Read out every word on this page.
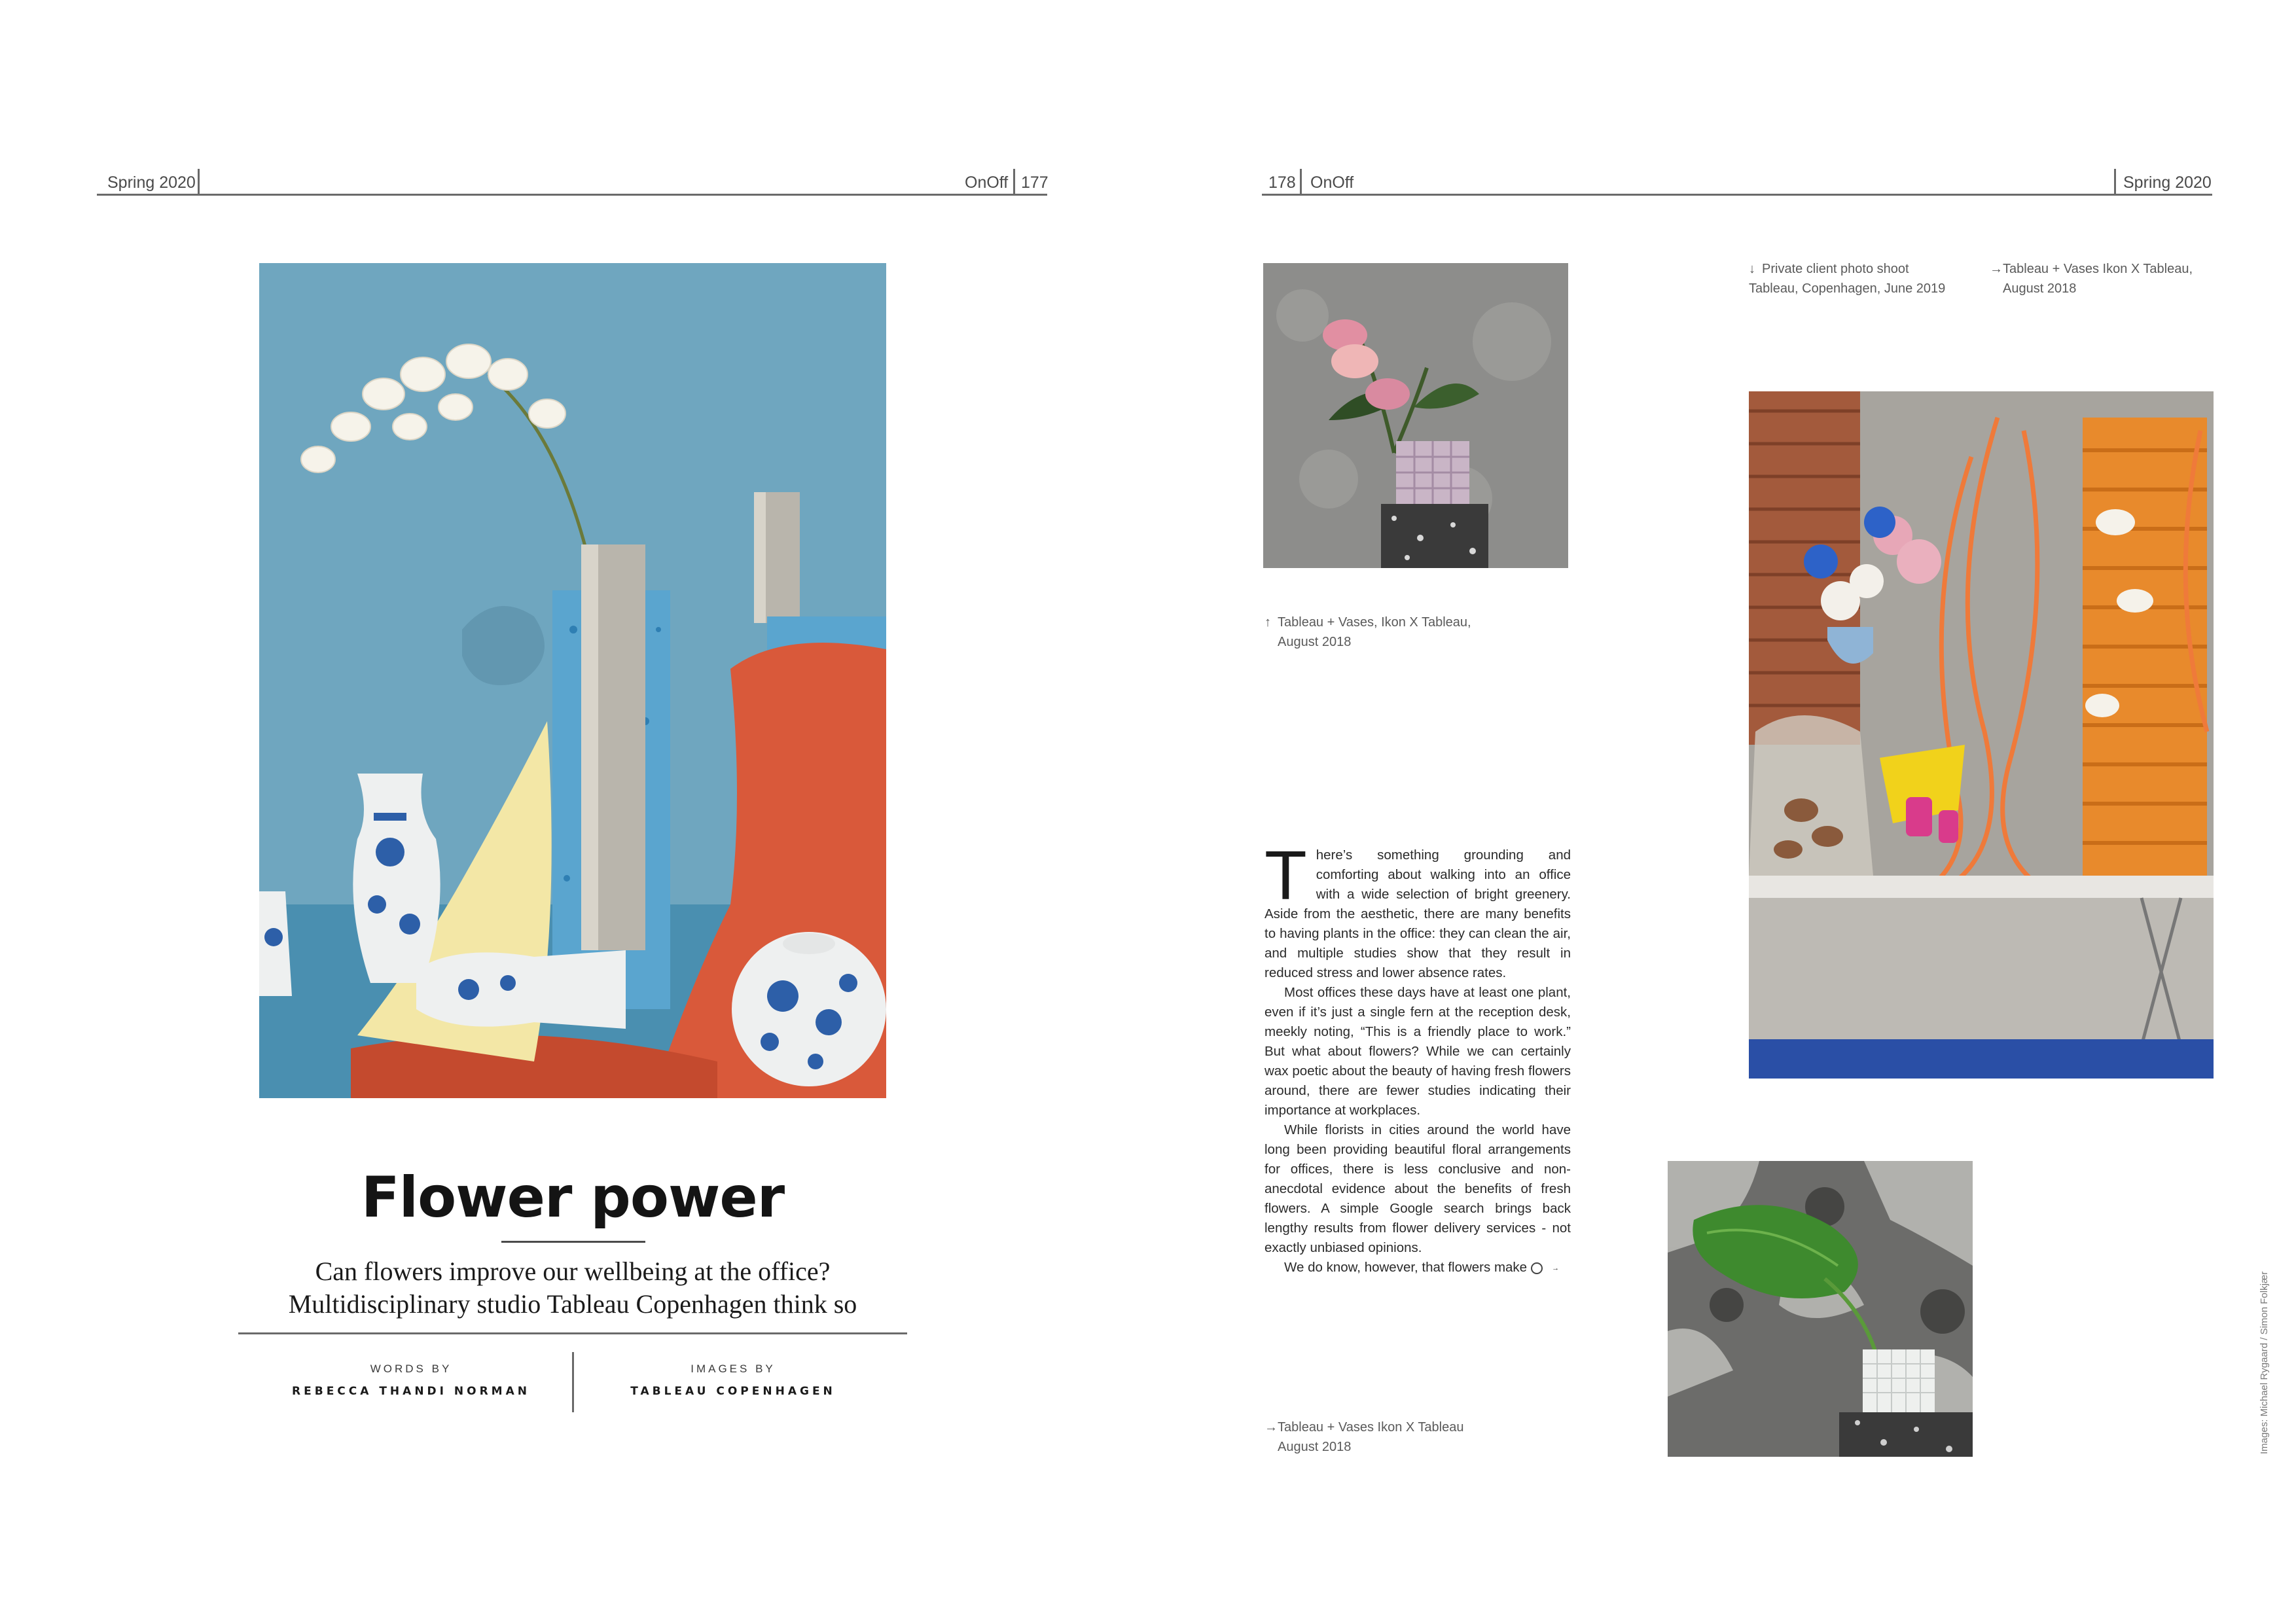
Spring 2020	OnOff 177	178 OnOff	Spring 2020
Flower power
Can flowers improve our wellbeing at the office?
Multidisciplinary studio Tableau Copenhagen think so
WORDS BY
REBECCA THANDI NORMAN
IMAGES BY
TABLEAU COPENHAGEN
↑ Tableau + Vases, Ikon X Tableau,
August 2018
↓ Private client photo shoot
Tableau, Copenhagen, June 2019
→Tableau + Vases Ikon X Tableau,
August 2018

There’s something grounding and comforting about walking into an office with a wide selection of bright greenery. Aside from the aesthetic, there are many benefits to having plants in the office: they can clean the air, and multiple studies show that they result in reduced stress and lower absence rates.

Most offices these days have at least one plant, even if it’s just a single fern at the reception desk, meekly noting, “This is a friendly place to work.” But what about flowers? While we can certainly wax poetic about the beauty of having fresh flowers around, there are fewer studies indicating their importance at workplaces.

While florists in cities around the world have long been providing beautiful floral arrangements for offices, there is less conclusive and non-anecdotal evidence about the benefits of fresh flowers. A simple Google search brings back lengthy results from flower delivery services - not exactly unbiased opinions.

We do know, however, that flowers make	→

→Tableau + Vases Ikon X Tableau
August 2018	Images: Michael Rygaard / Simon Folkjær
